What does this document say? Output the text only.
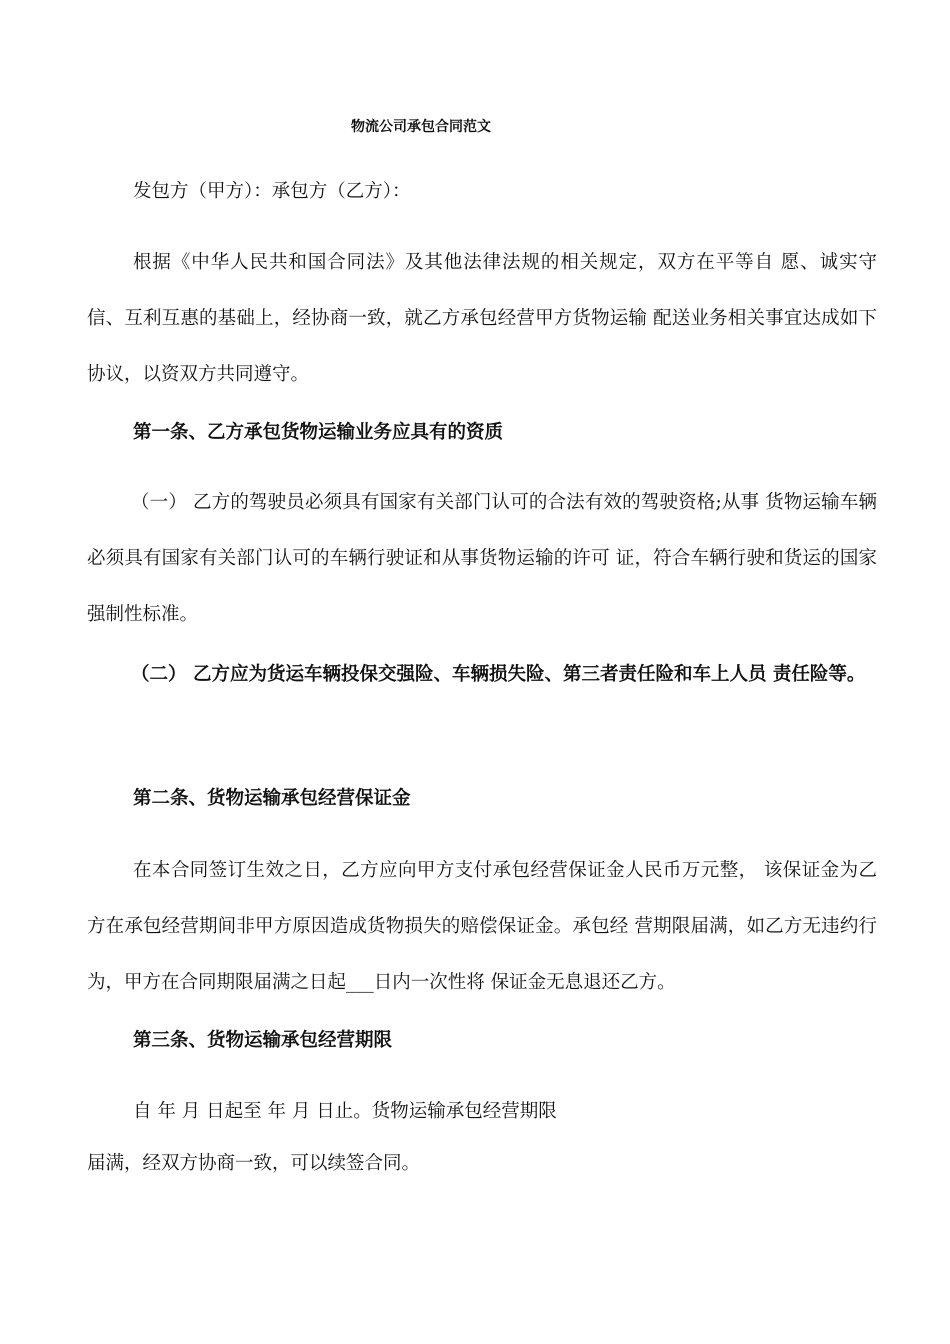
物流公司承包合同范文
发包方（甲方）：承包方（乙方）：
根据《中华人民共和国合同法》及其他法律法规的相关规定，双方在平等自 愿、诚实守信、互利互惠的基础上，经协商一致，就乙方承包经营甲方货物运输 配送业务相关事宜达成如下协议，以资双方共同遵守。
第一条、乙方承包货物运输业务应具有的资质
（一） 乙方的驾驶员必须具有国家有关部门认可的合法有效的驾驶资格;从事 货物运输车辆必须具有国家有关部门认可的车辆行驶证和从事货物运输的许可 证，符合车辆行驶和货运的国家强制性标准。
（二） 乙方应为货运车辆投保交强险、车辆损失险、第三者责任险和车上人员 责任险等。
第二条、货物运输承包经营保证金
在本合同签订生效之日，乙方应向甲方支付承包经营保证金人民币万元整， 该保证金为乙方在承包经营期间非甲方原因造成货物损失的赔偿保证金。承包经 营期限届满，如乙方无违约行为，甲方在合同期限届满之日起___日内一次性将 保证金无息退还乙方。
第三条、货物运输承包经营期限
自 年 月 日起至 年 月 日止。货物运输承包经营期限
届满，经双方协商一致，可以续签合同。
